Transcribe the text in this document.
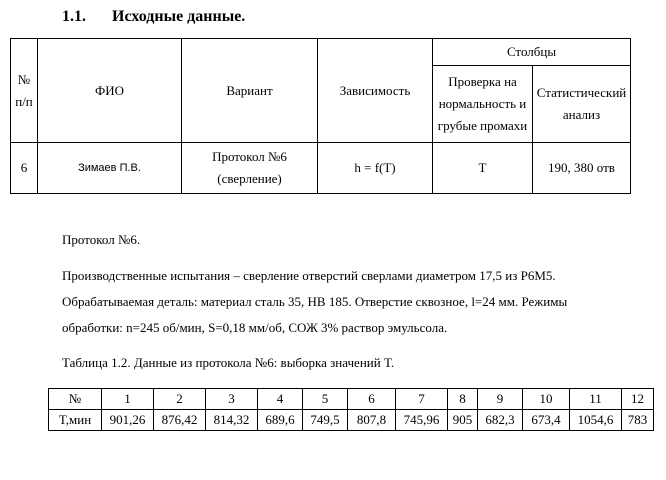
1.1. Исходные данные.
№ п/п	ФИО	Вариант	Зависимость	Столбцы	
				Проверка на нормальность и грубые промахи	Статистический анализ
6	Зимаев П.В.	Протокол №6 (сверление)	h = f(T)	T	190, 380 отв
Протокол №6.
Производственные испытания – сверление отверстий сверлами диаметром 17,5 из Р6М5.
Обрабатываемая деталь: материал сталь 35, НВ 185. Отверстие сквозное, l=24 мм. Режимы
обработки: n=245 об/мин, S=0,18 мм/об, СОЖ 3% раствор эмульсола.
Таблица 1.2. Данные из протокола №6: выборка значений T.
№	1	2	3	4	5	6	7	8	9	10	11	12
T,мин	901,26	876,42	814,32	689,6	749,5	807,8	745,96	905	682,3	673,4	1054,6	783
